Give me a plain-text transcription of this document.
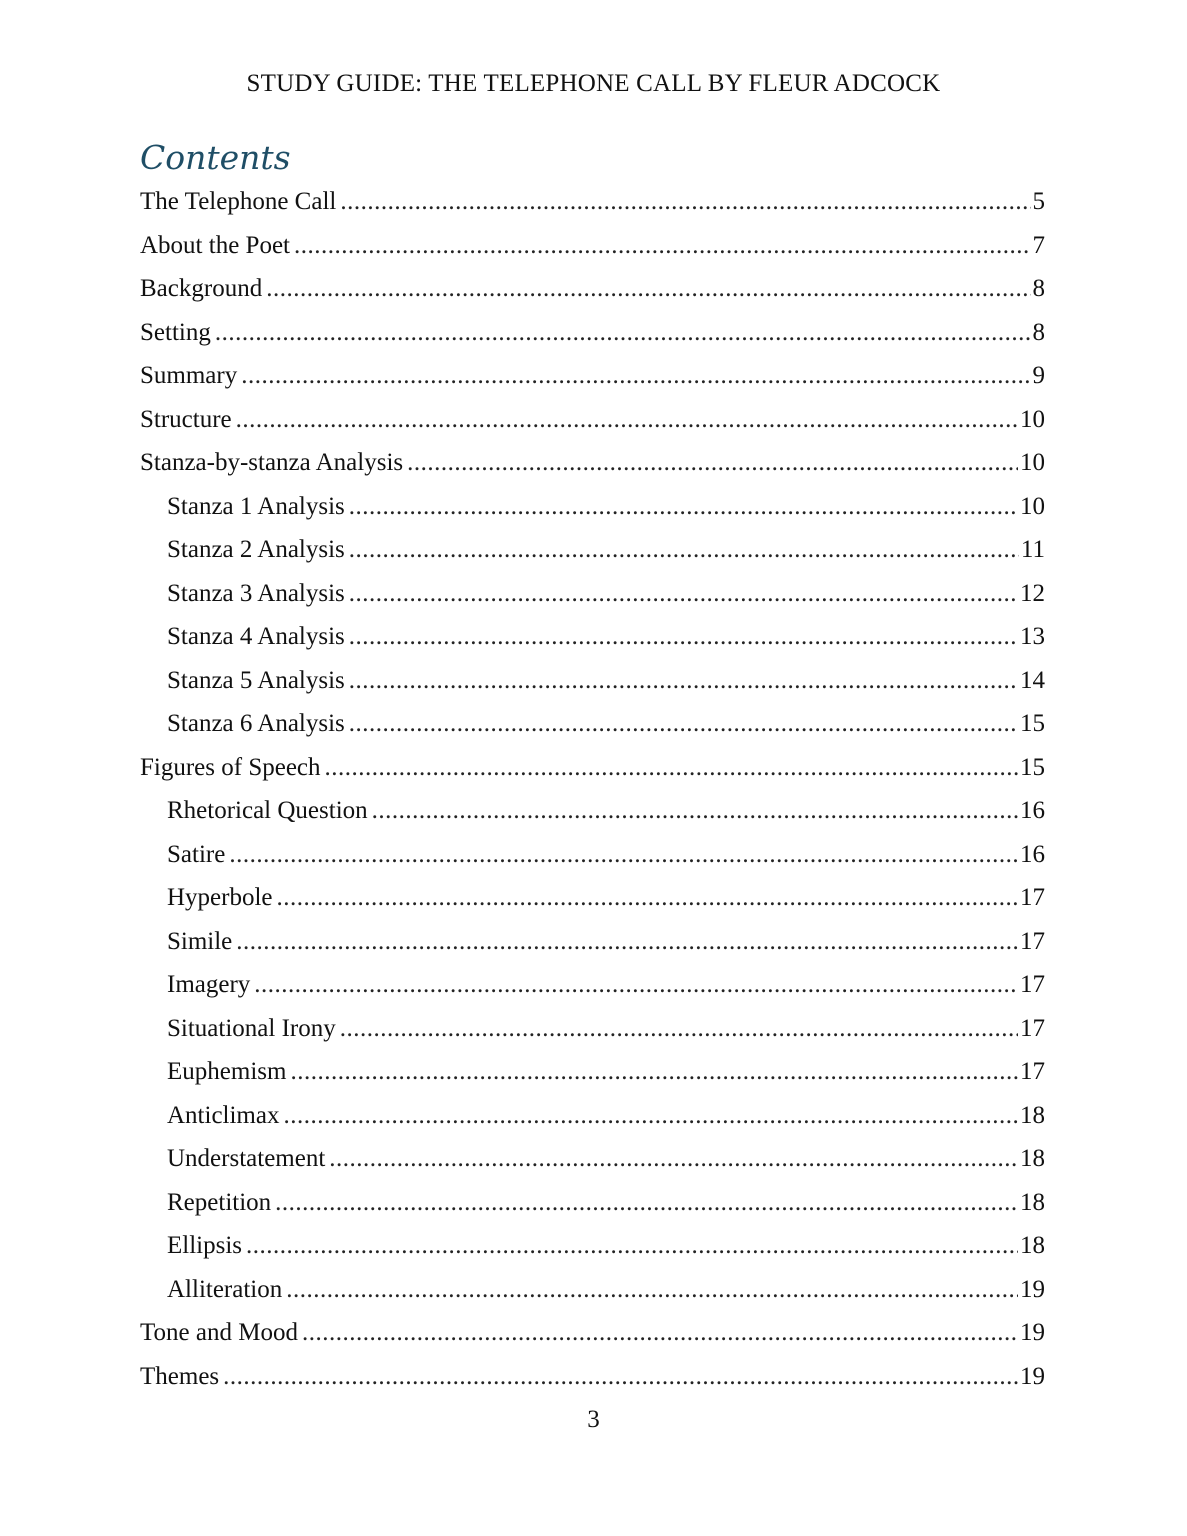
STUDY GUIDE: THE TELEPHONE CALL BY FLEUR ADCOCK
Contents
The Telephone Call .....	5
About the Poet .....	7
Background .....	8
Setting .....	8
Summary .....	9
Structure .....	10
Stanza-by-stanza Analysis .....	10
Stanza 1 Analysis .....	10
Stanza 2 Analysis .....	11
Stanza 3 Analysis .....	12
Stanza 4 Analysis .....	13
Stanza 5 Analysis .....	14
Stanza 6 Analysis .....	15
Figures of Speech .....	15
Rhetorical Question .....	16
Satire .....	16
Hyperbole .....	17
Simile .....	17
Imagery .....	17
Situational Irony .....	17
Euphemism .....	17
Anticlimax .....	18
Understatement .....	18
Repetition .....	18
Ellipsis .....	18
Alliteration .....	19
Tone and Mood .....	19
Themes .....	19
3
